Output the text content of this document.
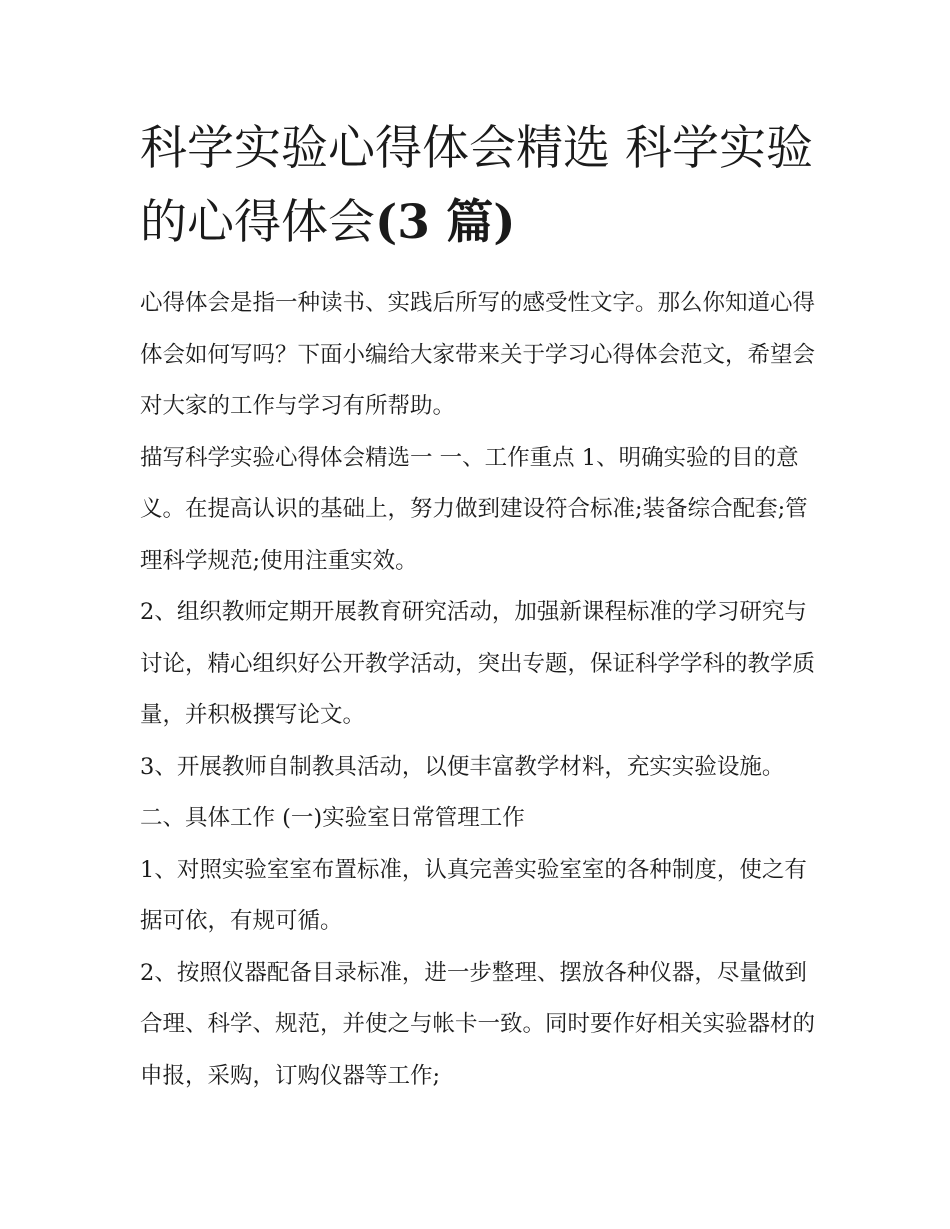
科学实验心得体会精选 科学实验的心得体会(3 篇)

心得体会是指一种读书、实践后所写的感受性文字。那么你知道心得体会如何写吗？下面小编给大家带来关于学习心得体会范文，希望会对大家的工作与学习有所帮助。

描写科学实验心得体会精选一 一、工作重点 1、明确实验的目的意义。在提高认识的基础上，努力做到建设符合标准;装备综合配套;管理科学规范;使用注重实效。

2、组织教师定期开展教育研究活动，加强新课程标准的学习研究与讨论，精心组织好公开教学活动，突出专题，保证科学学科的教学质量，并积极撰写论文。

3、开展教师自制教具活动，以便丰富教学材料，充实实验设施。 二、具体工作 (一)实验室日常管理工作

1、对照实验室室布置标准，认真完善实验室室的各种制度，使之有据可依，有规可循。

2、按照仪器配备目录标准，进一步整理、摆放各种仪器，尽量做到合理、科学、规范，并使之与帐卡一致。同时要作好相关实验器材的申报，采购，订购仪器等工作;
